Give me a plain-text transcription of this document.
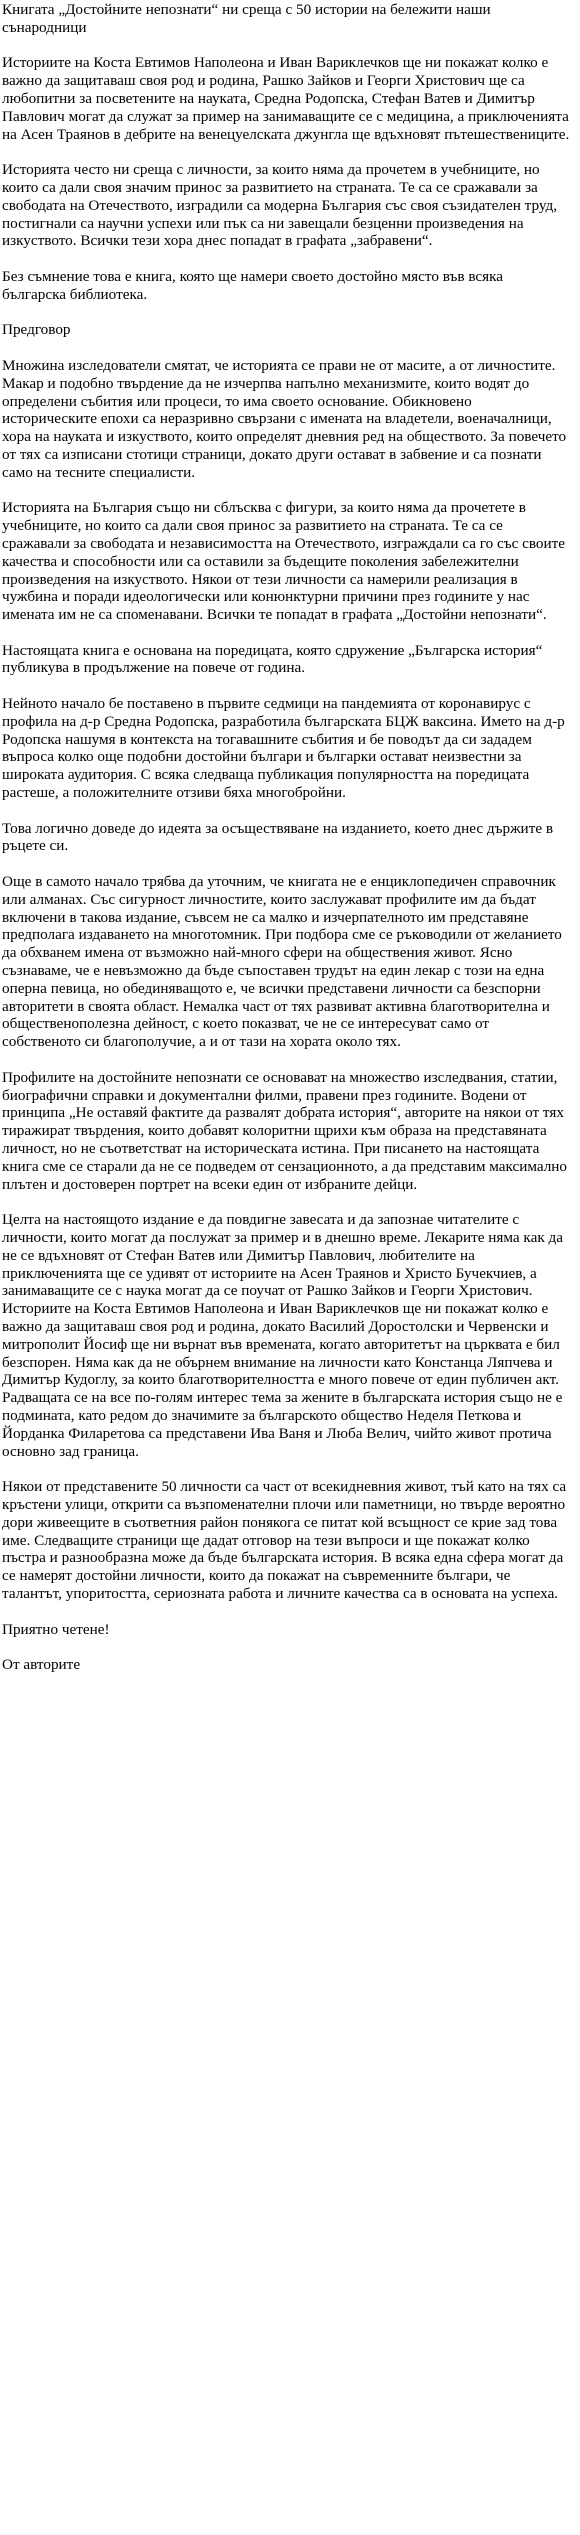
Книгата „Достойните непознати“ ни среща с 50 истории на бележити наши сънародници

Историите на Коста Евтимов Наполеона и Иван Вариклечков ще ни покажат колко е важно да защитаваш своя род и родина, Рашко Зайков и Георги Христович ще са любопитни за посветените на науката, Средна Родопска, Стефан Ватев и Димитър Павлович могат да служат за пример на занимаващите се с медицина, а приключенията на Асен Траянов в дебрите на венецуелската джунгла ще вдъхновят пътешествениците.

Историята често ни среща с личности, за които няма да прочетем в учебниците, но които са дали своя значим принос за развитието на страната. Те са се сражавали за свободата на Отечеството, изградили са модерна България със своя съзидателен труд, постигнали са научни успехи или пък са ни завещали безценни произведения на изкуството. Всички тези хора днес попадат в графата „забравени“.

Без съмнение това е книга, която ще намери своето достойно място във всяка българска библиотека.

Предговор

Множина изследователи смятат, че историята се прави не от масите, а от личностите. Макар и подобно твърдение да не изчерпва напълно механизмите, които водят до определени събития или процеси, то има своето основание. Обикновено историческите епохи са неразривно свързани с имената на владетели, военачалници, хора на науката и изкуството, които определят дневния ред на обществото. За повечето от тях са изписани стотици страници, докато други остават в забвение и са познати само на тесните специалисти.

Историята на България също ни сблъсква с фигури, за които няма да прочетете в учебниците, но които са дали своя принос за развитието на страната. Те са се сражавали за свободата и независимостта на Отечеството, изграждали са го със своите качества и способности или са оставили за бъдещите поколения забележителни произведения на изкуството. Някои от тези личности са намерили реализация в чужбина и поради идеологически или конюнктурни причини през годините у нас имената им не са споменавани. Всички те попадат в графата „Достойни непознати“.

Настоящата книга е основана на поредицата, която сдружение „Българска история“ публикува в продължение на повече от година.

Нейното начало бе поставено в първите седмици на пандемията от коронавирус с профила на д-р Средна Родопска, разработила българската БЦЖ ваксина. Името на д-р Родопска нашумя в контекста на тогавашните събития и бе поводът да си зададем въпроса колко още подобни достойни българи и българки остават неизвестни за широката аудитория. С всяка следваща публикация популярността на поредицата растеше, а положителните отзиви бяха многобройни.

Това логично доведе до идеята за осъществяване на изданието, което днес държите в ръцете си.

Още в самото начало трябва да уточним, че книгата не е енциклопедичен справочник или алманах. Със сигурност личностите, които заслужават профилите им да бъдат включени в такова издание, съвсем не са малко и изчерпателното им представяне предполага издаването на многотомник. При подбора сме се ръководили от желанието да обхванем имена от възможно най-много сфери на обществения живот. Ясно съзнаваме, че е невъзможно да бъде съпоставен трудът на един лекар с този на една оперна певица, но обединяващото е, че всички представени личности са безспорни авторитети в своята област. Немалка част от тях развиват активна благотворителна и общественополезна дейност, с което показват, че не се интересуват само от собственото си благополучие, а и от тази на хората около тях.

Профилите на достойните непознати се основават на множество изследвания, статии, биографични справки и документални филми, правени през годините. Водени от принципа „Не оставяй фактите да развалят добрата история“, авторите на някои от тях тиражират твърдения, които добавят колоритни щрихи към образа на представяната личност, но не съответстват на историческата истина. При писането на настоящата книга сме се старали да не се подведем от сензационното, а да представим максимално плътен и достоверен портрет на всеки един от избраните дейци.

Целта на настоящото издание е да повдигне завесата и да запознае читателите с личности, които могат да послужат за пример и в днешно време. Лекарите няма как да не се вдъхновят от Стефан Ватев или Димитър Павлович, любителите на приключенията ще се удивят от историите на Асен Траянов и Христо Бучекчиев, а занимаващите се с наука могат да се поучат от Рашко Зайков и Георги Христович. Историите на Коста Евтимов Наполеона и Иван Вариклечков ще ни покажат колко е важно да защитаваш своя род и родина, докато Василий Доростолски и Червенски и митрополит Йосиф ще ни върнат във времената, когато авторитетът на църквата е бил безспорен. Няма как да не обърнем внимание на личности като Констанца Ляпчева и Димитър Кудоглу, за които благотворителността е много повече от един публичен акт. Радващата се на все по-голям интерес тема за жените в българската история също не е подмината, като редом до значимите за българското общество Неделя Петкова и Йорданка Филаретова са представени Ива Ваня и Люба Велич, чийто живот протича основно зад граница.

Някои от представените 50 личности са част от всекидневния живот, тъй като на тях са кръстени улици, открити са възпоменателни плочи или паметници, но твърде вероятно дори живеещите в съответния район понякога се питат кой всъщност се крие зад това име. Следващите страници ще дадат отговор на тези въпроси и ще покажат колко пъстра и разнообразна може да бъде българската история. В всяка една сфера могат да се намерят достойни личности, които да покажат на съвременните българи, че талантът, упоритостта, сериозната работа и личните качества са в основата на успеха.

Приятно четене!

От авторите
